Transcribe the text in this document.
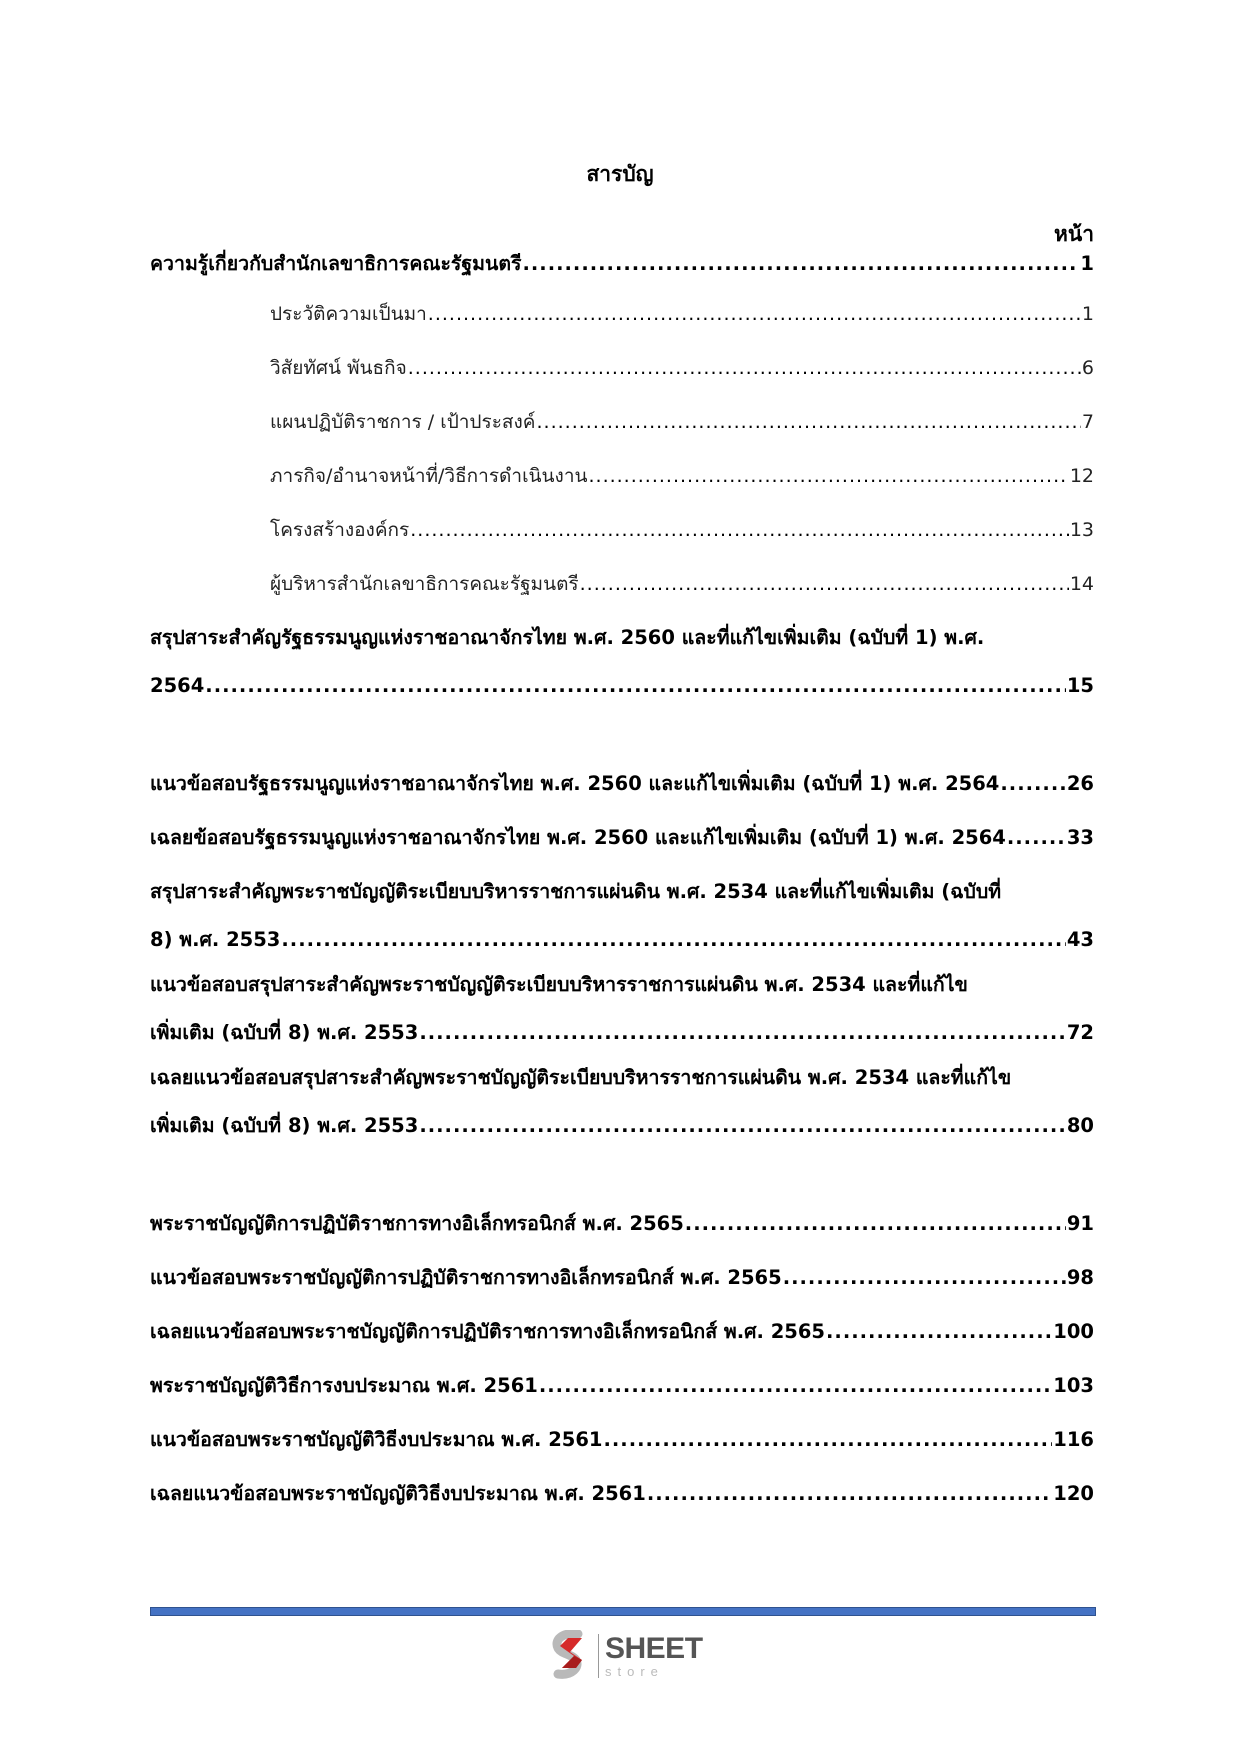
สารบัญ
หน้า
ความรู้เกี่ยวกับสำนักเลขาธิการคณะรัฐมนตรี .....	1
ประวัติความเป็นมา .....	1
วิสัยทัศน์ พันธกิจ .....	6
แผนปฏิบัติราชการ / เป้าประสงค์ .....	7
ภารกิจ/อำนาจหน้าที่/วิธีการดำเนินงาน .....	12
โครงสร้างองค์กร .....	13
ผู้บริหารสำนักเลขาธิการคณะรัฐมนตรี .....	14
สรุปสาระสำคัญรัฐธรรมนูญแห่งราชอาณาจักรไทย พ.ศ. 2560 และที่แก้ไขเพิ่มเติม (ฉบับที่ 1) พ.ศ.
2564 .....	15
แนวข้อสอบรัฐธรรมนูญแห่งราชอาณาจักรไทย พ.ศ. 2560 และแก้ไขเพิ่มเติม (ฉบับที่ 1) พ.ศ. 2564 .....	26
เฉลยข้อสอบรัฐธรรมนูญแห่งราชอาณาจักรไทย พ.ศ. 2560 และแก้ไขเพิ่มเติม (ฉบับที่ 1) พ.ศ. 2564 .....	33
สรุปสาระสำคัญพระราชบัญญัติระเบียบบริหารราชการแผ่นดิน พ.ศ. 2534 และที่แก้ไขเพิ่มเติม (ฉบับที่
8) พ.ศ. 2553 .....	43
แนวข้อสอบสรุปสาระสำคัญพระราชบัญญัติระเบียบบริหารราชการแผ่นดิน พ.ศ. 2534 และที่แก้ไข
เพิ่มเติม (ฉบับที่ 8) พ.ศ. 2553 .....	72
เฉลยแนวข้อสอบสรุปสาระสำคัญพระราชบัญญัติระเบียบบริหารราชการแผ่นดิน พ.ศ. 2534 และที่แก้ไข
เพิ่มเติม (ฉบับที่ 8) พ.ศ. 2553 .....	80
พระราชบัญญัติการปฏิบัติราชการทางอิเล็กทรอนิกส์ พ.ศ. 2565 .....	91
แนวข้อสอบพระราชบัญญัติการปฏิบัติราชการทางอิเล็กทรอนิกส์ พ.ศ. 2565 .....	98
เฉลยแนวข้อสอบพระราชบัญญัติการปฏิบัติราชการทางอิเล็กทรอนิกส์ พ.ศ. 2565 .....	100
พระราชบัญญัติวิธีการงบประมาณ พ.ศ. 2561 .....	103
แนวข้อสอบพระราชบัญญัติวิธีงบประมาณ พ.ศ. 2561 .....	116
เฉลยแนวข้อสอบพระราชบัญญัติวิธีงบประมาณ พ.ศ. 2561 .....	120
SHEET
store
